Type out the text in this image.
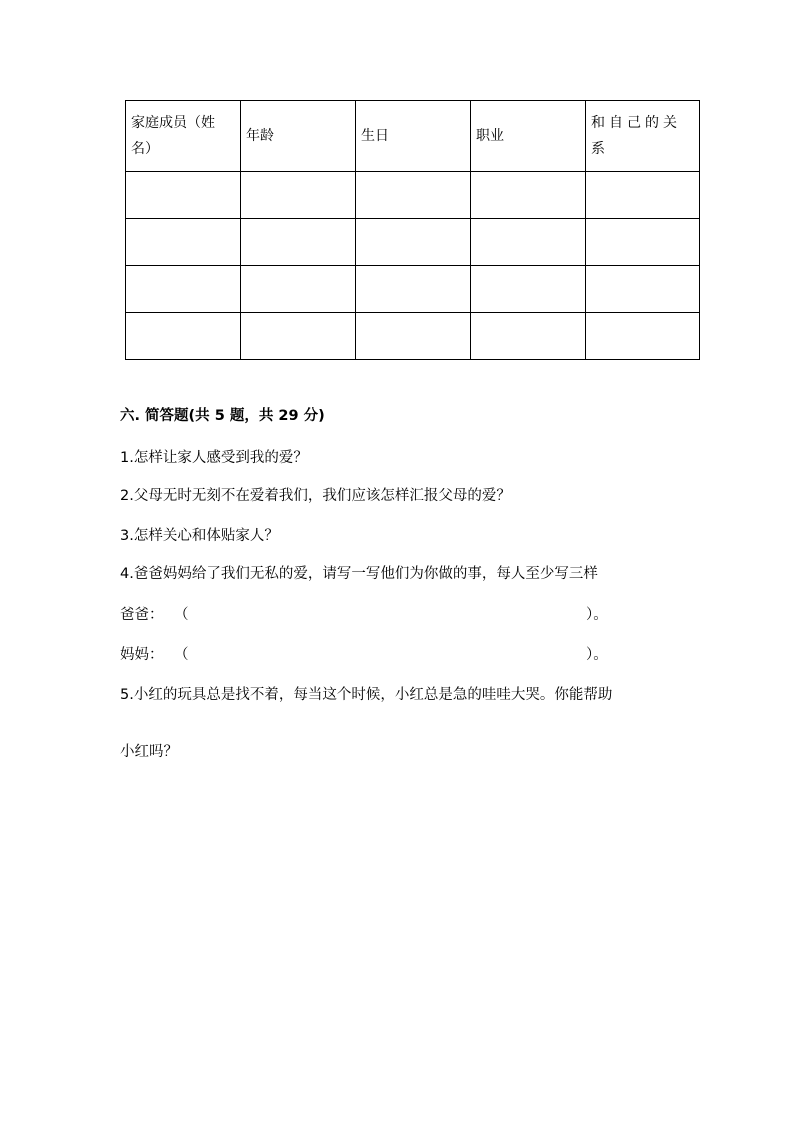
家庭成员（姓名）	年龄	生日	职业	和自己的关系

六. 简答题(共 5 题，共 29 分)
1.怎样让家人感受到我的爱？
2.父母无时无刻不在爱着我们，我们应该怎样汇报父母的爱？
3.怎样关心和体贴家人？
4.爸爸妈妈给了我们无私的爱，请写一写他们为你做的事，每人至少写三样
爸爸： （	）。
妈妈： （	）。
5.小红的玩具总是找不着，每当这个时候，小红总是急的哇哇大哭。你能帮助
小红吗？
